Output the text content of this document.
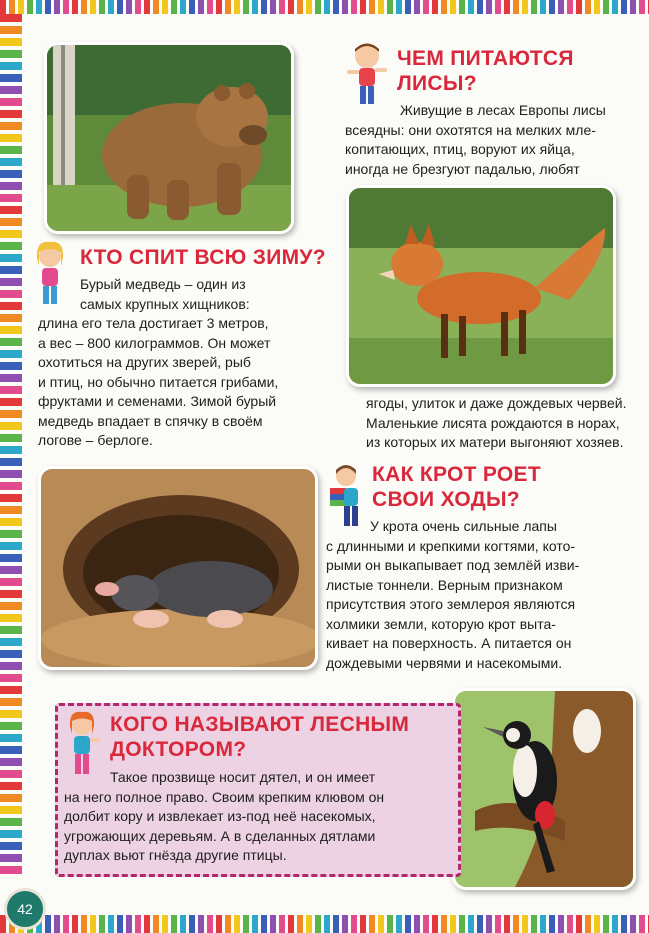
ЧЕМ ПИТАЮТСЯ
ЛИСЫ?
Живущие в лесах Европы лисы
всеядны: они охотятся на мелких мле-
копитающих, птиц, воруют их яйца,
иногда не брезгуют падалью, любят
КТО СПИТ ВСЮ ЗИМУ?
Бурый медведь – один из
самых крупных хищников:
длина его тела достигает 3 метров,
а вес – 800 килограммов. Он может
охотиться на других зверей, рыб
и птиц, но обычно питается грибами,
фруктами и семенами. Зимой бурый
медведь впадает в спячку в своём
логове – берлоге.
ягоды, улиток и даже дождевых червей.
Маленькие лисята рождаются в норах,
из которых их матери выгоняют хозяев.
КАК КРОТ РОЕТ
СВОИ ХОДЫ?
У крота очень сильные лапы
с длинными и крепкими когтями, кото-
рыми он выкапывает под землёй изви-
листые тоннели. Верным признаком
присутствия этого землероя являются
холмики земли, которую крот выта-
кивает на поверхность. А питается он
дождевыми червями и насекомыми.
КОГО НАЗЫВАЮТ ЛЕСНЫМ
ДОКТОРОМ?
Такое прозвище носит дятел, и он имеет
на него полное право. Своим крепким клювом он
долбит кору и извлекает из-под неё насекомых,
угрожающих деревьям. А в сделанных дятлами
дуплах вьют гнёзда другие птицы.
42
